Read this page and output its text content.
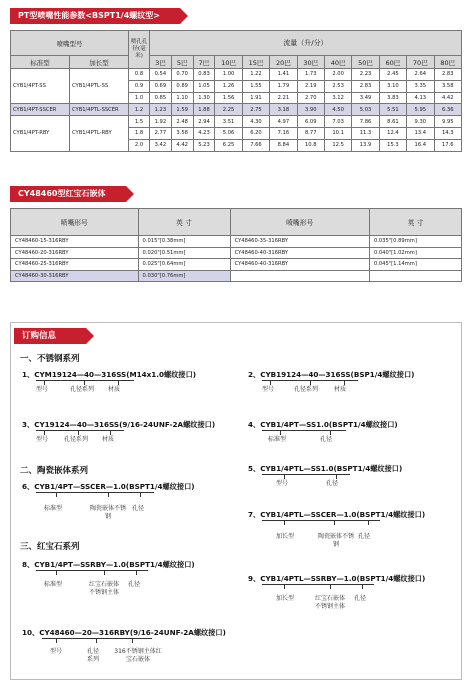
PT型喷嘴性能参数<BSPT1/4螺纹型>
喷嘴型号		喷孔孔径(毫米)	流量（升/分）											
标准型	加长型		3巴	5巴	7巴	10巴	15巴	20巴	30巴	40巴	50巴	60巴	70巴	80巴

CYB1/4PT-SS	CYB1/4PTL-SS	0.8	0.54	0.70	0.83	1.00	1.22	1.41	1.73	2.00	2.23	2.45	2.64	2.83
		0.9	0.69	0.89	1.05	1.26	1.55	1.79	2.19	2.53	2.83	3.10	3.35	3.58
		1.0	0.85	1.10	1.30	1.56	1.91	2.21	2.70	3.12	3.49	3.83	4.13	4.42
CYB1/4PT-SSCER	CYB1/4PTL-SSCER	1.2	1.23	1.59	1.88	2.25	2.75	3.18	3.90	4.50	5.03	5.51	5.95	6.36
CYB1/4PT-RBY	CYB1/4PTL-RBY	1.5	1.92	2.48	2.94	3.51	4.30	4.97	6.09	7.03	7.86	8.61	9.30	9.95
		1.8	2.77	3.58	4.23	5.06	6.20	7.16	8.77	10.1	11.3	12.4	13.4	14.3
		2.0	3.42	4.42	5.23	6.25	7.66	8.84	10.8	12.5	13.9	15.3	16.4	17.6
CY48460型红宝石嵌体
喷嘴形号	英 寸	喷嘴形号	英 寸
CY48460-15-316RBY	0.015"[0.38mm]	CY48460-35-316RBY	0.035"[0.89mm]
CY48460-20-316RBY	0.020"[0.51mm]	CY48460-40-316RBY	0.040"[1.02mm]
CY48460-25-316RBY	0.025"[0.64mm]	CY48460-40-316RBY	0.045"[1.14mm]
CY48460-30-316RBY	0.030"[0.76mm]		
订购信息
一、不锈钢系列
1、CYM19124—40—316SS(M14x1.0螺纹接口)
型号	孔径系列 材质
2、CYB19124—40—316SS(BSP1/4螺纹接口)
型号	孔径系列	材质
3、CY19124—40—316SS(9/16-24UNF-2A螺纹接口)
型号	孔径系列 材质
4、CYB1/4PT—SS1.0(BSPT1/4螺纹接口)
标准型	孔径
二、陶瓷嵌体系列	5、CYB1/4PTL—SS1.0(BSPT1/4螺纹接口)
型号	孔径
6、CYB1/4PT—SSCER—1.0(BSPT1/4螺纹接口)
标准型	陶瓷嵌体不锈钢
孔径
7、CYB1/4PTL—SSCER—1.0(BSPT1/4螺纹接口)
加长型	陶瓷嵌体不锈钢
孔径
三、红宝石系列
8、CYB1/4PT—SSRBY—1.0(BSPT1/4螺纹接口)
标准型	红宝石嵌体不锈钢主体
孔径
9、CYB1/4PTL—SSRBY—1.0(BSPT1/4螺纹接口)
加长型	红宝石嵌体不锈钢主体
孔径
10、CY48460—20—316RBY(9/16-24UNF-2A螺纹接口)
型号	孔径系列
316不锈钢主体红宝石嵌体
